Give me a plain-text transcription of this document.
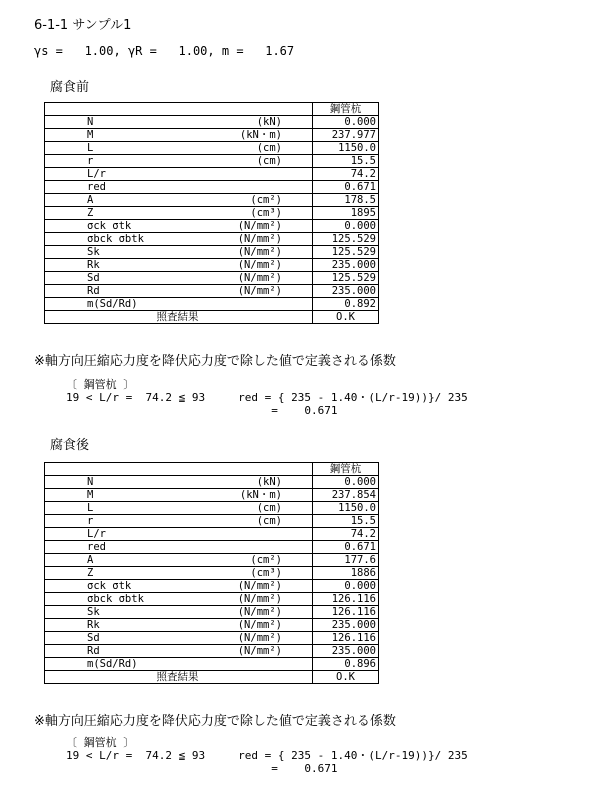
6-1-1 サンプル1
γs =   1.00, γR =   1.00, m =   1.67
腐食前
		鋼管杭
N	(kN)	0.000
M	(kN・m)	237.977
L	(cm)	1150.0
r	(cm)	15.5
L/r		74.2
red		0.671
A	(cm²)	178.5
Z	(cm³)	1895
σck σtk	(N/mm²)	0.000
σbck σbtk	(N/mm²)	125.529
Sk	(N/mm²)	125.529
Rk	(N/mm²)	235.000
Sd	(N/mm²)	125.529
Rd	(N/mm²)	235.000
m(Sd/Rd)		0.892
照査結果		O.K
※軸方向圧縮応力度を降伏応力度で除した値で定義される係数
〔 鋼管杭 〕
19 < L/r =  74.2 ≦ 93     red = { 235 - 1.40・(L/r-19))}/ 235
=    0.671
腐食後
		鋼管杭
N	(kN)	0.000
M	(kN・m)	237.854
L	(cm)	1150.0
r	(cm)	15.5
L/r		74.2
red		0.671
A	(cm²)	177.6
Z	(cm³)	1886
σck σtk	(N/mm²)	0.000
σbck σbtk	(N/mm²)	126.116
Sk	(N/mm²)	126.116
Rk	(N/mm²)	235.000
Sd	(N/mm²)	126.116
Rd	(N/mm²)	235.000
m(Sd/Rd)		0.896
照査結果		O.K
※軸方向圧縮応力度を降伏応力度で除した値で定義される係数
〔 鋼管杭 〕
19 < L/r =  74.2 ≦ 93     red = { 235 - 1.40・(L/r-19))}/ 235
=    0.671
